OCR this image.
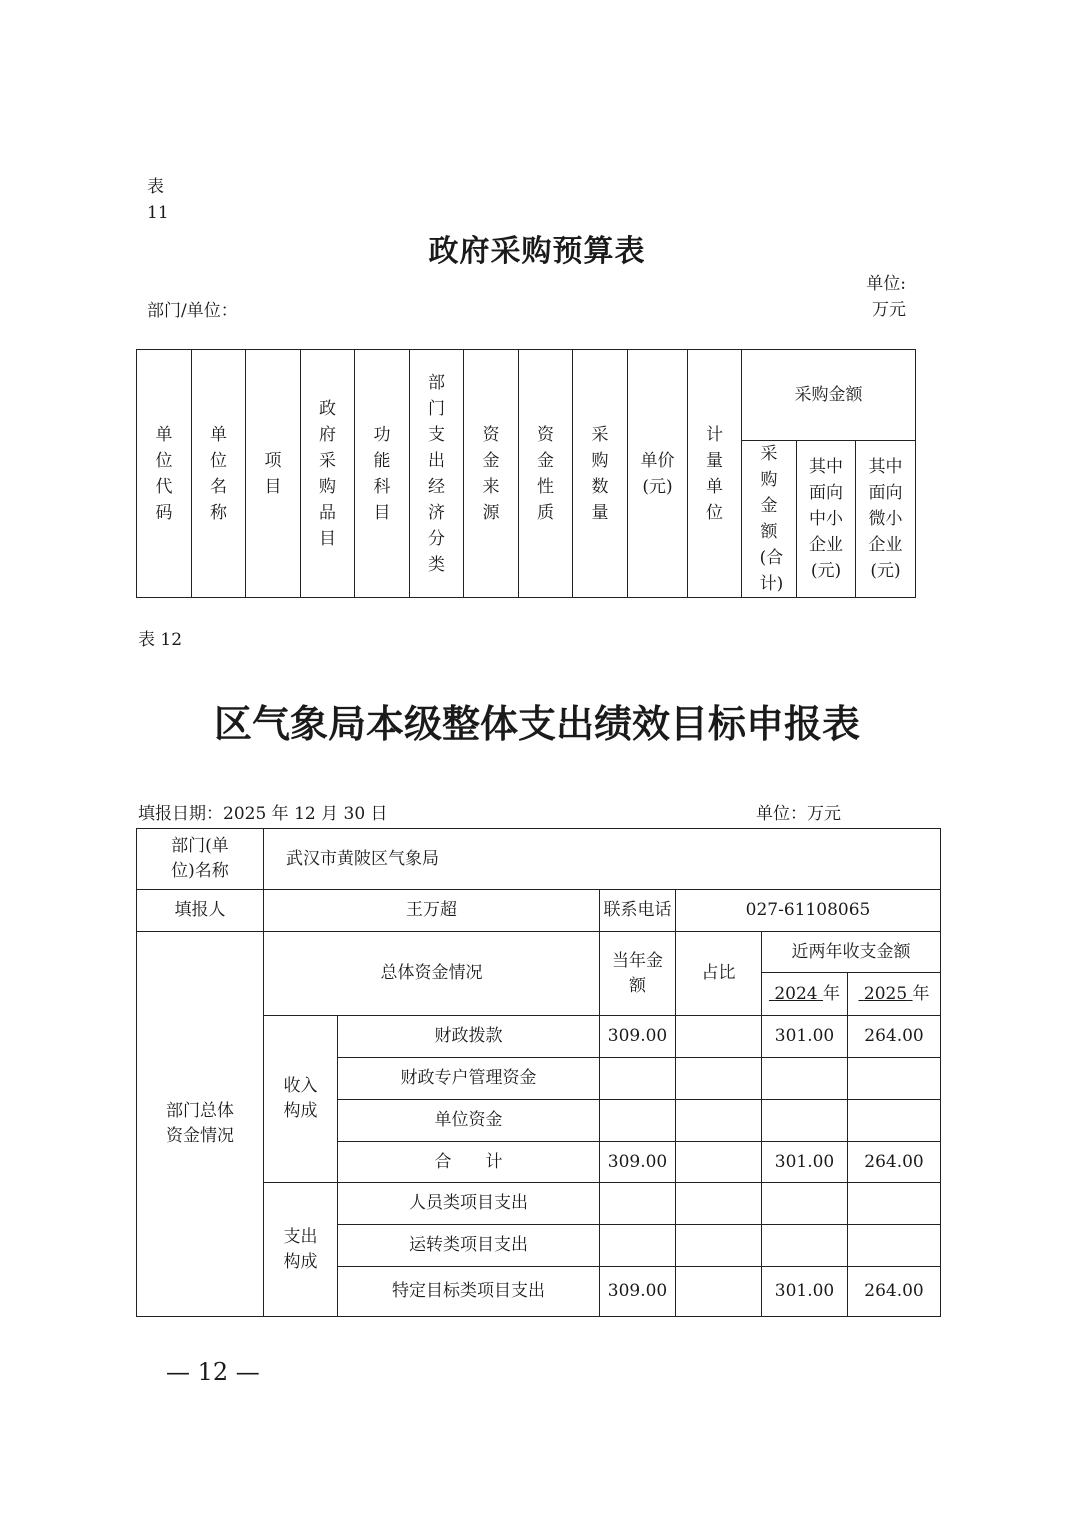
表 11
政府采购预算表
部门/单位：
单位: 万元
单位代码	单位名称	项目	政府采购品目	功能科目	部门支出经济分类	资金来源	资金性质	采购数量	单价(元)	计量单位	采购金额		
											采购金额(合计)	其中面向中小企业(元)	其中面向微小企业(元)
表 12
区气象局本级整体支出绩效目标申报表
填报日期：2025 年 12 月 30 日	单位：万元
部门(单位)名称	武汉市黄陂区气象局					
填报人	王万超		联系电话	027-61108065		
部门总体资金情况	总体资金情况		当年金额	占比	近两年收支金额	
					2024 年	2025 年
	收入构成	财政拨款	309.00		301.00	264.00
		财政专户管理资金				
		单位资金				
		合　　计	309.00		301.00	264.00
	支出构成	人员类项目支出				
		运转类项目支出				
		特定目标类项目支出	309.00		301.00	264.00
— 12 —
